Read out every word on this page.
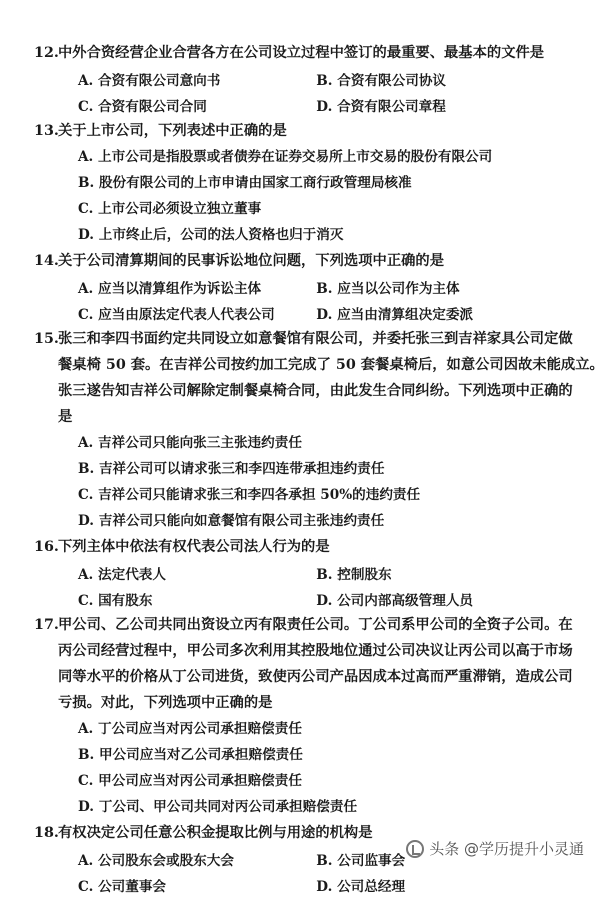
12.中外合资经营企业合营各方在公司设立过程中签订的最重要、最基本的文件是
A. 合资有限公司意向书	B. 合资有限公司协议
C. 合资有限公司合同	D. 合资有限公司章程
13.关于上市公司，下列表述中正确的是
A. 上市公司是指股票或者债券在证券交易所上市交易的股份有限公司
B. 股份有限公司的上市申请由国家工商行政管理局核准
C. 上市公司必须设立独立董事
D. 上市终止后，公司的法人资格也归于消灭
14.关于公司清算期间的民事诉讼地位问题，下列选项中正确的是
A. 应当以清算组作为诉讼主体	B. 应当以公司作为主体
C. 应当由原法定代表人代表公司	D. 应当由清算组决定委派
15.张三和李四书面约定共同设立如意餐馆有限公司，并委托张三到吉祥家具公司定做
餐桌椅 50 套。在吉祥公司按约加工完成了 50 套餐桌椅后，如意公司因故未能成立。
张三遂告知吉祥公司解除定制餐桌椅合同，由此发生合同纠纷。下列选项中正确的
是
A. 吉祥公司只能向张三主张违约责任
B. 吉祥公司可以请求张三和李四连带承担违约责任
C. 吉祥公司只能请求张三和李四各承担 50%的违约责任
D. 吉祥公司只能向如意餐馆有限公司主张违约责任
16.下列主体中依法有权代表公司法人行为的是
A. 法定代表人	B. 控制股东
C. 国有股东	D. 公司内部高级管理人员
17.甲公司、乙公司共同出资设立丙有限责任公司。丁公司系甲公司的全资子公司。在
丙公司经营过程中，甲公司多次利用其控股地位通过公司决议让丙公司以高于市场
同等水平的价格从丁公司进货，致使丙公司产品因成本过高而严重滞销，造成公司
亏损。对此，下列选项中正确的是
A. 丁公司应当对丙公司承担赔偿责任
B. 甲公司应当对乙公司承担赔偿责任
C. 甲公司应当对丙公司承担赔偿责任
D. 丁公司、甲公司共同对丙公司承担赔偿责任
18.有权决定公司任意公积金提取比例与用途的机构是
A. 公司股东会或股东大会	B. 公司监事会
C. 公司董事会	D. 公司总经理
头条 @学历提升小灵通
